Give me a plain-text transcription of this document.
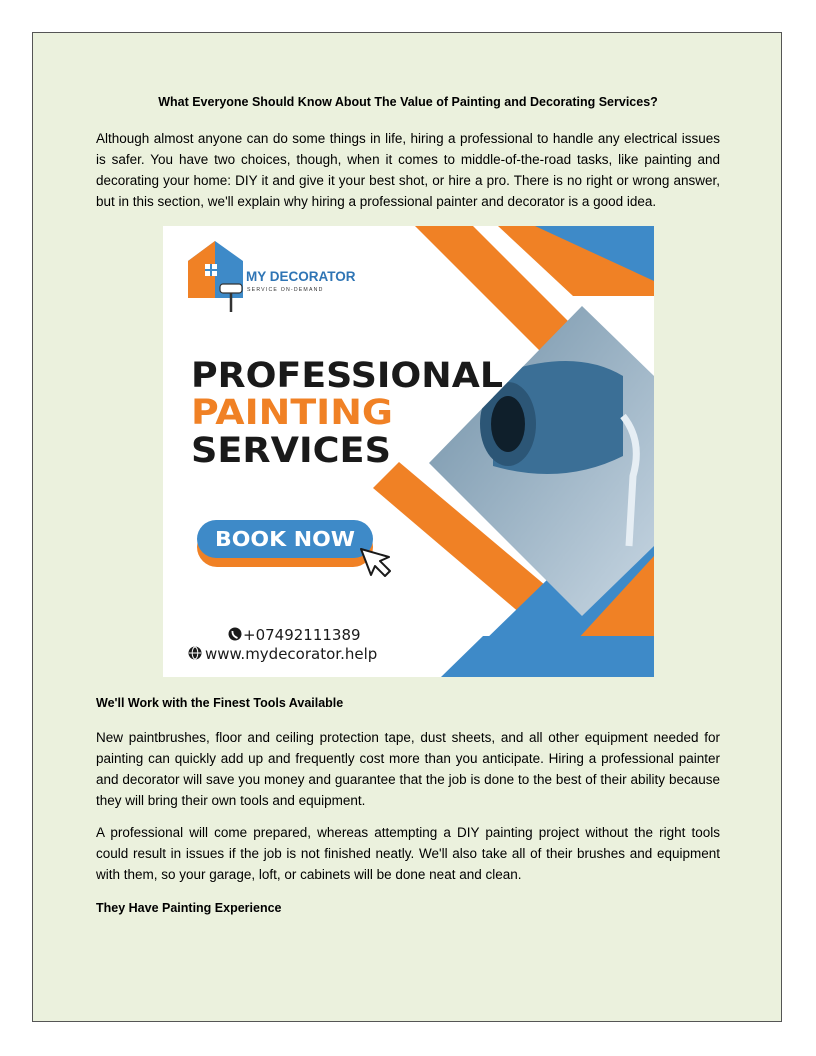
What Everyone Should Know About The Value of Painting and Decorating Services?

Although almost anyone can do some things in life, hiring a professional to handle any electrical issues is safer. You have two choices, though, when it comes to middle-of-the-road tasks, like painting and decorating your home: DIY it and give it your best shot, or hire a pro. There is no right or wrong answer, but in this section, we'll explain why hiring a professional painter and decorator is a good idea.

MY DECORATOR
SERVICE ON-DEMAND
PROFESSIONAL
PAINTING
SERVICES
BOOK NOW
+07492111389
www.mydecorator.help
We'll Work with the Finest Tools Available

New paintbrushes, floor and ceiling protection tape, dust sheets, and all other equipment needed for painting can quickly add up and frequently cost more than you anticipate. Hiring a professional painter and decorator will save you money and guarantee that the job is done to the best of their ability because they will bring their own tools and equipment.

A professional will come prepared, whereas attempting a DIY painting project without the right tools could result in issues if the job is not finished neatly. We'll also take all of their brushes and equipment with them, so your garage, loft, or cabinets will be done neat and clean.

They Have Painting Experience
